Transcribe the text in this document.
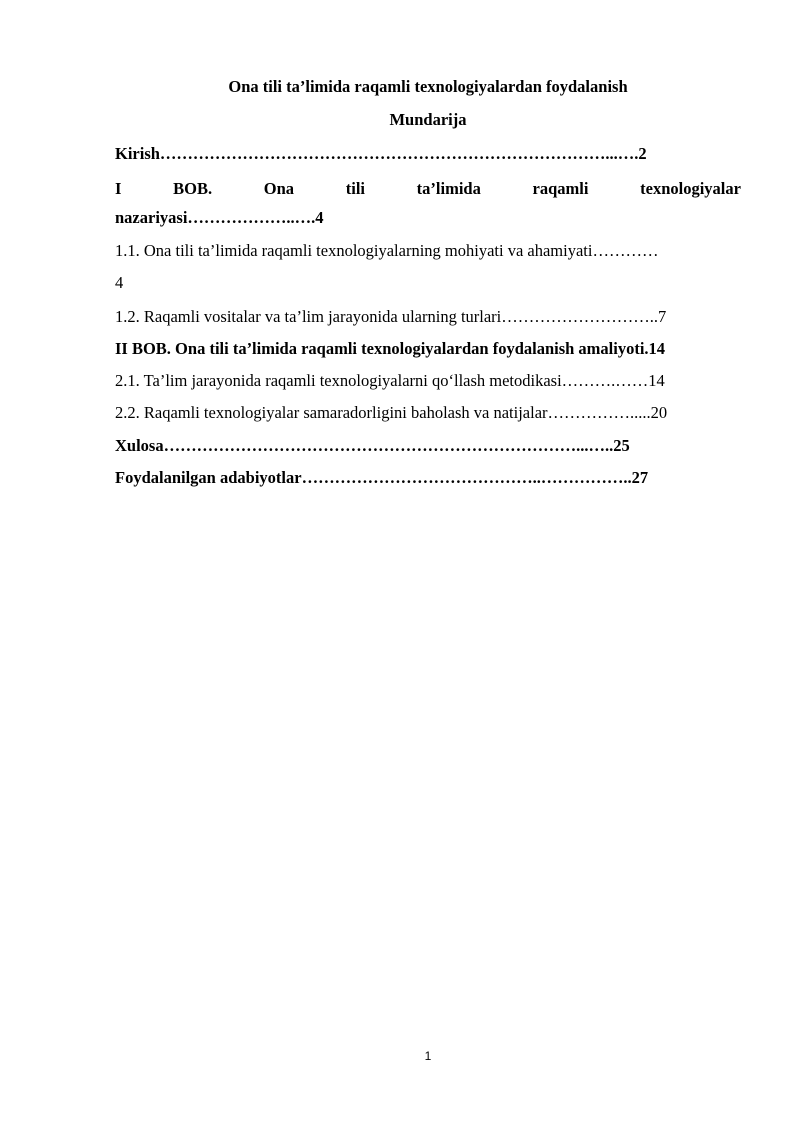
Ona tili ta’limida raqamli texnologiyalardan foydalanish
Mundarija
Kirish………………………………………………………………………...….2
I	BOB.	Ona	tili	ta’limida	raqamli	texnologiyalar
nazariyasi………………..….4
1.1. Ona tili ta’limida raqamli texnologiyalarning mohiyati va ahamiyati…………
4
1.2. Raqamli vositalar va ta’lim jarayonida ularning turlari………………………..7
II BOB. Ona tili ta’limida raqamli texnologiyalardan foydalanish amaliyoti.14
2.1. Ta’lim jarayonida raqamli texnologiyalarni qo‘llash metodikasi……….……14
2.2. Raqamli texnologiyalar samaradorligini baholash va natijalar…………….....20
Xulosa…………………………………………………………………...…..25
Foydalanilgan adabiyotlar……………………………………..……………..27
1
